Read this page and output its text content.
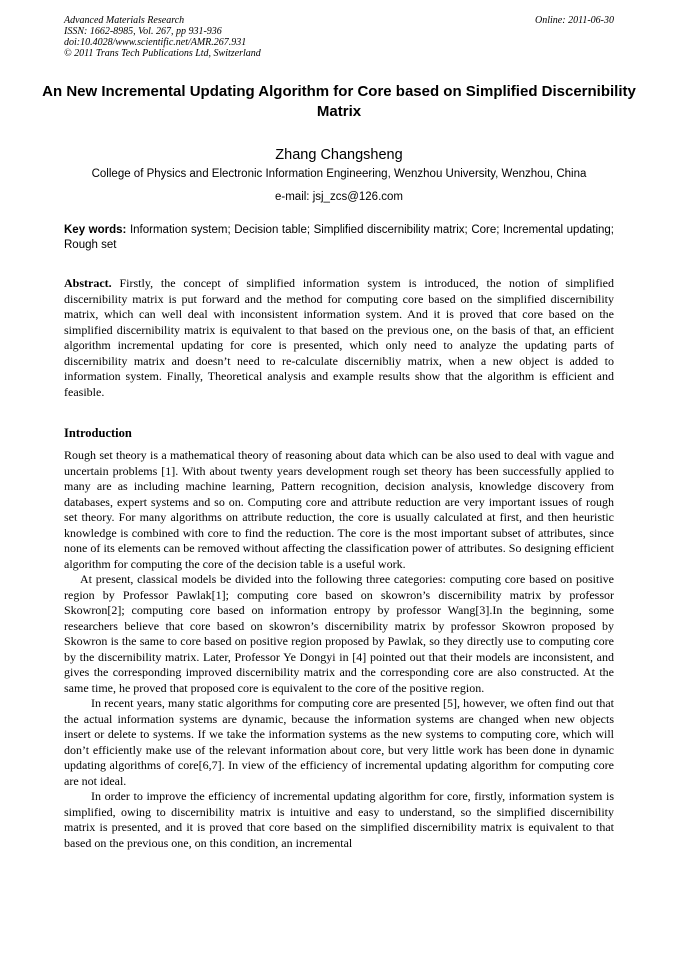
Advanced Materials Research
ISSN: 1662-8985, Vol. 267, pp 931-936
doi:10.4028/www.scientific.net/AMR.267.931
© 2011 Trans Tech Publications Ltd, Switzerland
Online: 2011-06-30
An New Incremental Updating Algorithm for Core based on Simplified Discernibility Matrix
Zhang Changsheng
College of Physics and Electronic Information Engineering, Wenzhou University, Wenzhou, China
e-mail: jsj_zcs@126.com
Key words: Information system; Decision table; Simplified discernibility matrix; Core; Incremental updating; Rough set
Abstract. Firstly, the concept of simplified information system is introduced, the notion of simplified discernibility matrix is put forward and the method for computing core based on the simplified discernibility matrix, which can well deal with inconsistent information system. And it is proved that core based on the simplified discernibility matrix is equivalent to that based on the previous one, on the basis of that, an efficient algorithm incremental updating for core is presented, which only need to analyze the updating parts of discernibility matrix and doesn’t need to re-calculate discernibliy matrix, when a new object is added to information system. Finally, Theoretical analysis and example results show that the algorithm is efficient and feasible.
Introduction

Rough set theory is a mathematical theory of reasoning about data which can be also used to deal with vague and uncertain problems [1]. With about twenty years development rough set theory has been successfully applied to many are as including machine learning, Pattern recognition, decision analysis, knowledge discovery from databases, expert systems and so on. Computing core and attribute reduction are very important issues of rough set theory. For many algorithms on attribute reduction, the core is usually calculated at first, and then heuristic knowledge is combined with core to find the reduction. The core is the most important subset of attributes, since none of its elements can be removed without affecting the classification power of attributes. So designing efficient algorithm for computing the core of the decision table is a useful work.

At present, classical models be divided into the following three categories: computing core based on positive region by Professor Pawlak[1]; computing core based on skowron’s discernibility matrix by professor Skowron[2]; computing core based on information entropy by professor Wang[3].In the beginning, some researchers believe that core based on skowron’s discernibility matrix by professor Skowron proposed by Skowron is the same to core based on positive region proposed by Pawlak, so they directly use to computing core by the discernibility matrix. Later, Professor Ye Dongyi in [4] pointed out that their models are inconsistent, and gives the corresponding improved discernibility matrix and the corresponding core are also constructed. At the same time, he proved that proposed core is equivalent to the core of the positive region.

In recent years, many static algorithms for computing core are presented [5], however, we often find out that the actual information systems are dynamic, because the information systems are changed when new objects insert or delete to systems. If we take the information systems as the new systems to computing core, which will don’t efficiently make use of the relevant information about core, but very little work has been done in dynamic updating algorithms of core[6,7]. In view of the efficiency of incremental updating algorithm for computing core are not ideal.

In order to improve the efficiency of incremental updating algorithm for core, firstly, information system is simplified, owing to discernibility matrix is intuitive and easy to understand, so the simplified discernibility matrix is presented, and it is proved that core based on the simplified discernibility matrix is equivalent to that based on the previous one, on this condition, an incremental
